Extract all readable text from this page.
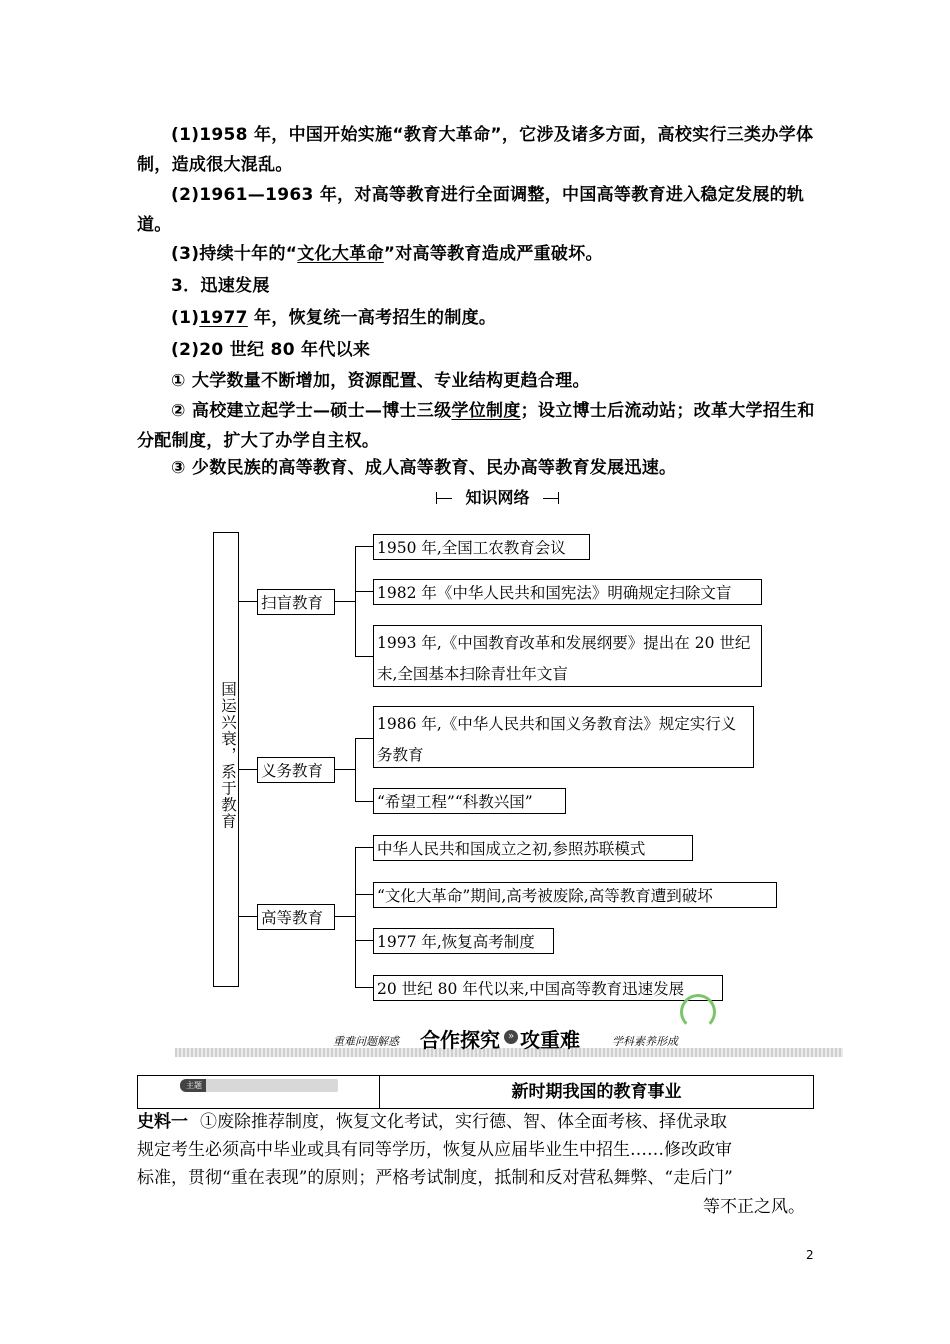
(1)1958 年，中国开始实施“教育大革命”，它涉及诸多方面，高校实行三类办学体制，造成很大混乱。
(2)1961—1963 年，对高等教育进行全面调整，中国高等教育进入稳定发展的轨道。
(3)持续十年的“文化大革命”对高等教育造成严重破坏。
3．迅速发展
(1)1977 年，恢复统一高考招生的制度。
(2)20 世纪 80 年代以来
① 大学数量不断增加，资源配置、专业结构更趋合理。
② 高校建立起学士—硕士—博士三级学位制度；设立博士后流动站；改革大学招生和分配制度，扩大了办学自主权。
③ 少数民族的高等教育、成人高等教育、民办高等教育发展迅速。
知识网络
国运兴衰，系于教育
扫盲教育
1950 年,全国工农教育会议
1982 年《中华人民共和国宪法》明确规定扫除文盲
1993 年,《中国教育改革和发展纲要》提出在 20 世纪末,全国基本扫除青壮年文盲
义务教育
1986 年,《中华人民共和国义务教育法》规定实行义务教育
“希望工程”“科教兴国”
高等教育
中华人民共和国成立之初,参照苏联模式
“文化大革命”期间,高考被废除,高等教育遭到破坏
1977 年,恢复高考制度
20 世纪 80 年代以来,中国高等教育迅速发展
重难问题解惑 合作探究 » 攻重难	学科素养形成
主题	新时期我国的教育事业
史料一 ①废除推荐制度，恢复文化考试，实行德、智、体全面考核、择优录取
规定考生必须高中毕业或具有同等学历，恢复从应届毕业生中招生……修改政审
标准，贯彻“重在表现”的原则；严格考试制度，抵制和反对营私舞弊、“走后门”
等不正之风。
2
